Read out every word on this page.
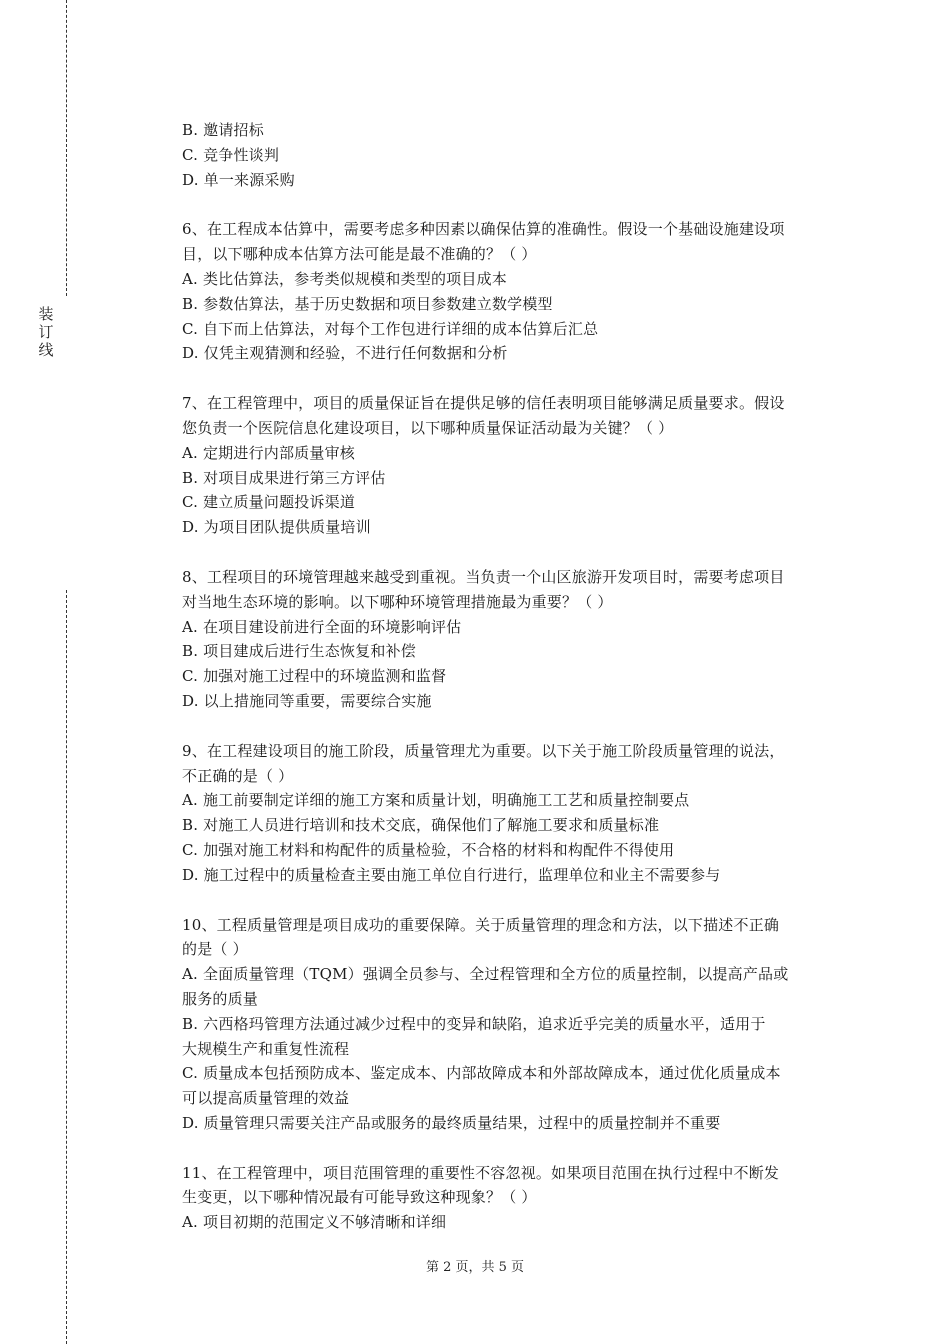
装
订
线
B. 邀请招标
C. 竞争性谈判
D. 单一来源采购
6、在工程成本估算中，需要考虑多种因素以确保估算的准确性。假设一个基础设施建设项
目，以下哪种成本估算方法可能是最不准确的？（ ）
A. 类比估算法，参考类似规模和类型的项目成本
B. 参数估算法，基于历史数据和项目参数建立数学模型
C. 自下而上估算法，对每个工作包进行详细的成本估算后汇总
D. 仅凭主观猜测和经验，不进行任何数据和分析
7、在工程管理中，项目的质量保证旨在提供足够的信任表明项目能够满足质量要求。假设
您负责一个医院信息化建设项目，以下哪种质量保证活动最为关键？（ ）
A. 定期进行内部质量审核
B. 对项目成果进行第三方评估
C. 建立质量问题投诉渠道
D. 为项目团队提供质量培训
8、工程项目的环境管理越来越受到重视。当负责一个山区旅游开发项目时，需要考虑项目
对当地生态环境的影响。以下哪种环境管理措施最为重要？（ ）
A. 在项目建设前进行全面的环境影响评估
B. 项目建成后进行生态恢复和补偿
C. 加强对施工过程中的环境监测和监督
D. 以上措施同等重要，需要综合实施
9、在工程建设项目的施工阶段，质量管理尤为重要。以下关于施工阶段质量管理的说法，
不正确的是（ ）
A. 施工前要制定详细的施工方案和质量计划，明确施工工艺和质量控制要点
B. 对施工人员进行培训和技术交底，确保他们了解施工要求和质量标准
C. 加强对施工材料和构配件的质量检验，不合格的材料和构配件不得使用
D. 施工过程中的质量检查主要由施工单位自行进行，监理单位和业主不需要参与
10、工程质量管理是项目成功的重要保障。关于质量管理的理念和方法，以下描述不正确
的是（ ）
A. 全面质量管理（TQM）强调全员参与、全过程管理和全方位的质量控制，以提高产品或
服务的质量
B. 六西格玛管理方法通过减少过程中的变异和缺陷，追求近乎完美的质量水平，适用于
大规模生产和重复性流程
C. 质量成本包括预防成本、鉴定成本、内部故障成本和外部故障成本，通过优化质量成本
可以提高质量管理的效益
D. 质量管理只需要关注产品或服务的最终质量结果，过程中的质量控制并不重要
11、在工程管理中，项目范围管理的重要性不容忽视。如果项目范围在执行过程中不断发
生变更，以下哪种情况最有可能导致这种现象？（ ）
A. 项目初期的范围定义不够清晰和详细
第 2 页，共 5 页
